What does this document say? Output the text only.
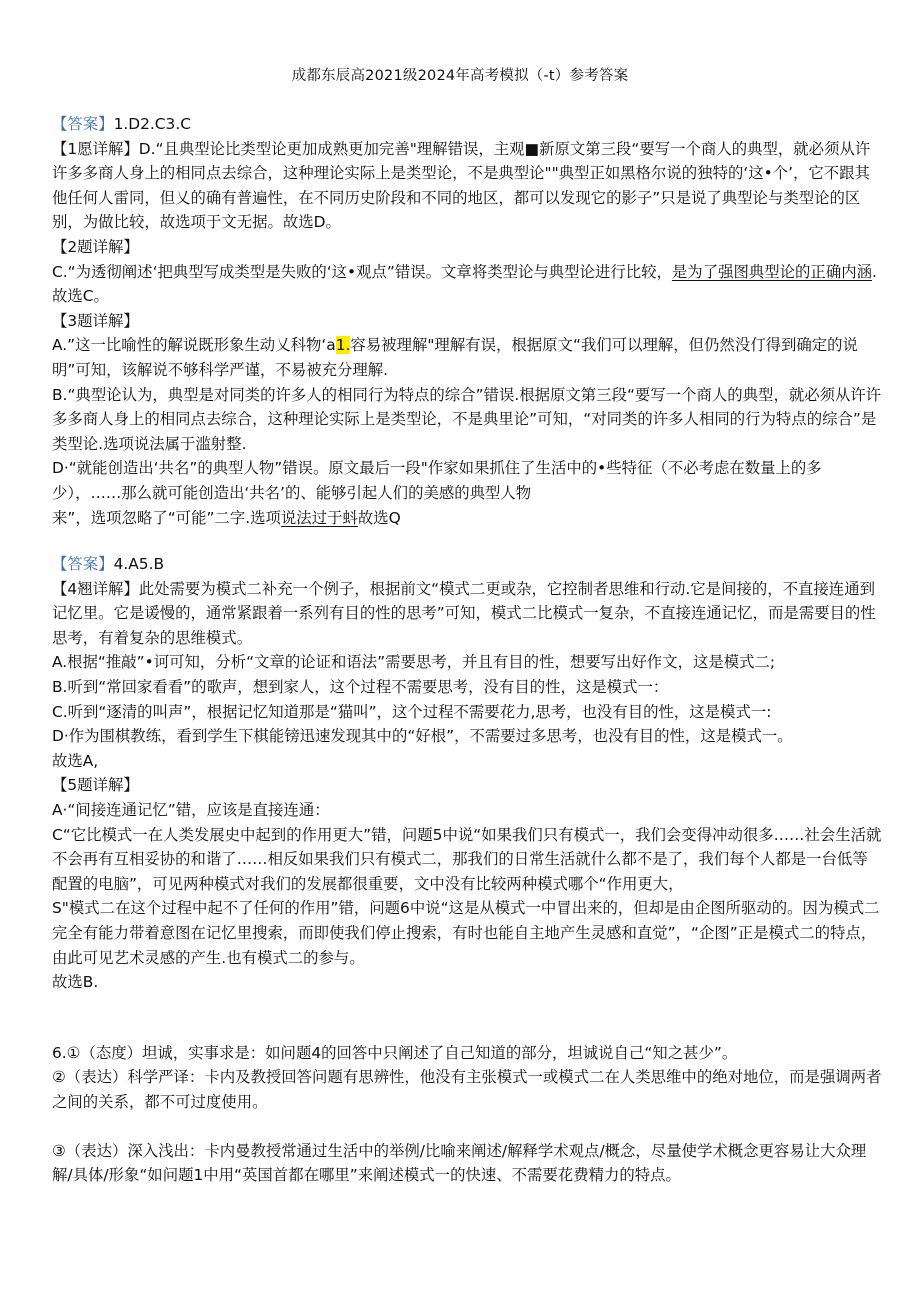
成都东辰高2021级2024年高考模拟（-t）参考答案

【答案】1.D2.C3.C

【1愿详解】D.“且典型论比类型论更加成熟更加完善"理解错误，主观■新原文第三段“要写一个商人的典型，就必须从许许多多商人身上的相同点去综合，这种理论实际上是类型论，不是典型论""典型正如黑格尔说的独特的‘这•个’，它不跟其他任何人雷同，但乂的确有普遍性，在不同历史阶段和不同的地区，都可以发现它的影子”只是说了典型论与类型论的区别，为做比较，故选项于文无据。故选D。

【2题详解】

C.“为透彻阐述‘把典型写成类型是失败的‘这•观点”错误。文章将类型论与典型论进行比较，是为了强图典型论的正确内涵.故选C。

【3题详解】

A.”这一比喻性的解说既形象生动乂科物‘a1.容易被理解"理解有误，根据原文“我们可以理解，但仍然没仃得到确定的说明”可知，该解说不够科学严谨，不易被充分理解.

B.“典型论认为，典型是对同类的许多人的相同行为特点的综合”错误.根据原文第三段“要写一个商人的典型，就必须从许许多多商人身上的相同点去综合，这种理论实际上是类型论，不是典里论”可知，“对同类的许多人相同的行为特点的综合”是类型论.选项说法属于滥射整.

D·“就能创造出‘共名”的典型人物”错误。原文最后一段"作家如果抓住了生活中的•些特征（不必考虑在数量上的多少），……那么就可能创造出‘共名’的、能够引起人们的美感的典型人物

来”，选项忽略了“可能”二字.选项说法过于蚪故选Q

【答案】4.A5.B

【4翘详解】此处需要为模式二补充一个例子，根据前文“模式二更或杂，它控制者思维和行动.它是间接的，不直接连通到记忆里。它是谖慢的，通常紧跟着一系列有目的性的思考”可知，模式二比模式一复杂，不直接连通记忆，而是需要目的性思考，有着复杂的思维模式。

A.根据“推敲”•诃可知，分析“文章的论证和语法”需要思考，并且有目的性，想要写出好作文，这是模式二;

B.听到“常回家看看”的歌声，想到家人，这个过程不需要思考，没有目的性，这是模式一：

C.听到“逐清的叫声”，根据记忆知道那是“猫叫”，这个过程不需要花力,思考，也没有目的性，这是模式一:

D·作为围棋教练，看到学生下棋能镑迅速发现其中的“好根”，不需要过多思考，也没有目的性，这是模式一。

故选A,

【5题详解】

A·“间接连通记忆”错，应该是直接连通：

C“它比模式一在人类发展史中起到的作用更大”错，问题5中说“如果我们只有模式一，我们会变得冲动很多……社会生活就不会再有互相妥协的和谐了……相反如果我们只有模式二，那我们的日常生活就什么都不是了，我们每个人都是一台低等配置的电脑”，可见两种模式对我们的发展都很重要，文中没有比较两种模式哪个“作用更大，

S"模式二在这个过程中起不了任何的作用”错，问题6中说“这是从模式一中冒出来的，但却是由企图所驱动的。因为模式二完全有能力带着意图在记忆里搜索，而即使我们停止搜索，有时也能自主地产生灵感和直觉”，“企图”正是模式二的特点，由此可见艺术灵感的产生.也有模式二的参与。

故选B.

6.①（态度）坦诚，实事求是：如问题4的回答中只阐述了自己知道的部分，坦诚说自己“知之甚少”。

②（表达）科学严译：卡内及教授回答问题有思辨性，他没有主张模式一或模式二在人类思维中的绝对地位，而是强调两者之间的关系，都不可过度使用。

③（表达）深入浅出：卡内曼教授常通过生活中的举例/比喻来阐述/解释学术观点/概念，尽量使学术概念更容易让大众理解/具体/形象“如问题1中用“英国首都在哪里”来阐述模式一的快速、不需要花费精力的特点。
